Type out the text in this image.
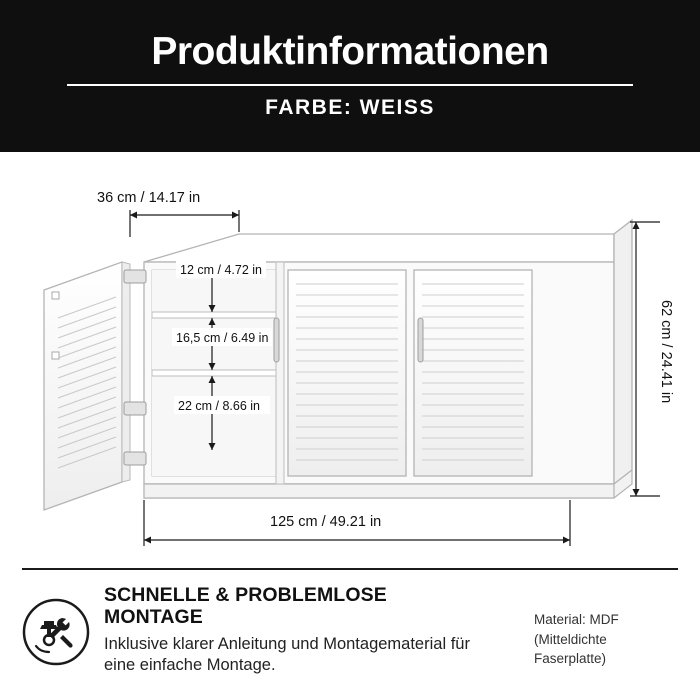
Produktinformationen
FARBE: WEISS
36 cm / 14.17 in
12 cm / 4.72 in
16,5 cm / 6.49 in
22 cm / 8.66 in
62 cm / 24.41 in
125 cm / 49.21 in
SCHNELLE & PROBLEMLOSE MONTAGE
Inklusive klarer Anleitung und Montagematerial für eine einfache Montage.
Material: MDF
(Mitteldichte
Faserplatte)
